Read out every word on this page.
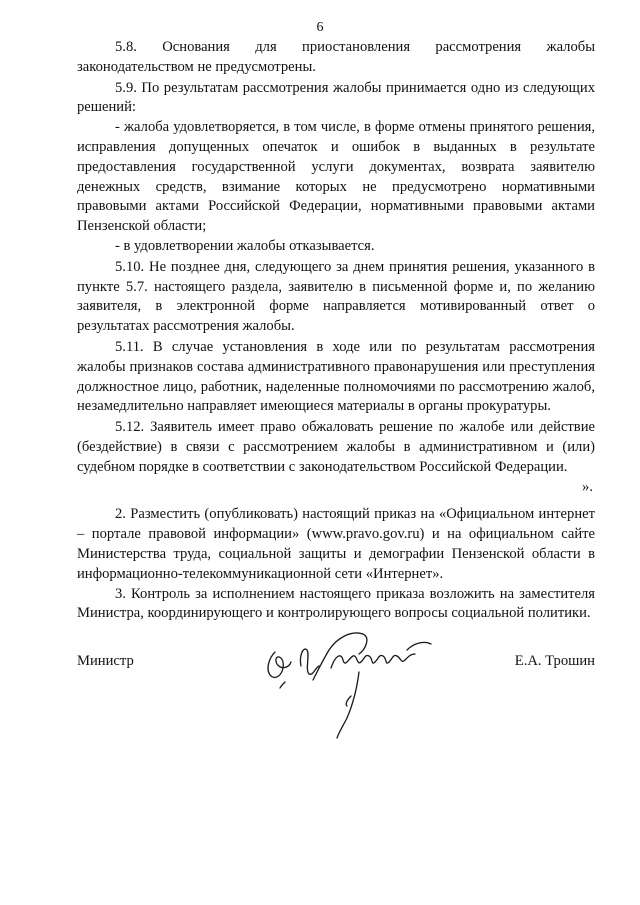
6

5.8. Основания для приостановления рассмотрения жалобы законодательством не предусмотрены.

5.9. По результатам рассмотрения жалобы принимается одно из следующих решений:

- жалоба удовлетворяется, в том числе, в форме отмены принятого решения, исправления допущенных опечаток и ошибок в выданных в результате предоставления государственной услуги документах, возврата заявителю денежных средств, взимание которых не предусмотрено нормативными правовыми актами Российской Федерации, нормативными правовыми актами Пензенской области;

- в удовлетворении жалобы отказывается.

5.10. Не позднее дня, следующего за днем принятия решения, указанного в пункте 5.7. настоящего раздела, заявителю в письменной форме и, по желанию заявителя, в электронной форме направляется мотивированный ответ о результатах рассмотрения жалобы.

5.11. В случае установления в ходе или по результатам рассмотрения жалобы признаков состава административного правонарушения или преступления должностное лицо, работник, наделенные полномочиями по рассмотрению жалоб, незамедлительно направляет имеющиеся материалы в органы прокуратуры.

5.12. Заявитель имеет право обжаловать решение по жалобе или действие (бездействие) в связи с рассмотрением жалобы в административном и (или) судебном порядке в соответствии с законодательством Российской Федерации.

».

2. Разместить (опубликовать) настоящий приказ на «Официальном интернет – портале правовой информации» (www.pravo.gov.ru) и на официальном сайте Министерства труда, социальной защиты и демографии Пензенской области в информационно-телекоммуникационной сети «Интернет».

3. Контроль за исполнением настоящего приказа возложить на заместителя Министра, координирующего и контролирующего вопросы социальной политики.

Министр	Е.А. Трошин
